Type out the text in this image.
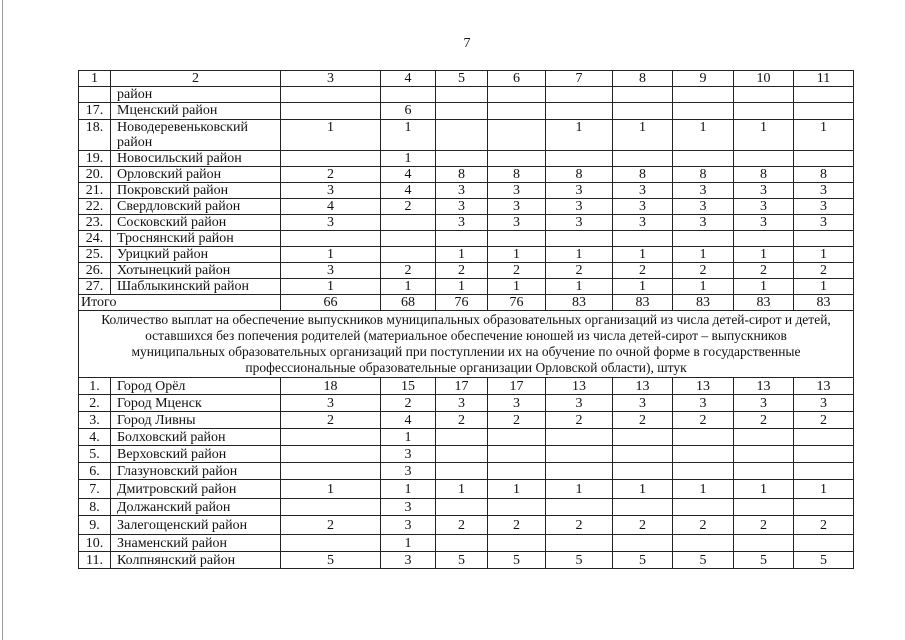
7
1	2	3	4	5	6	7	8	9	10	11
	район									
17.	Мценский район		6							
18.	Новодеревеньковский район	1	1			1	1	1	1	1
19.	Новосильский район		1							
20.	Орловский район	2	4	8	8	8	8	8	8	8
21.	Покровский район	3	4	3	3	3	3	3	3	3
22.	Свердловский район	4	2	3	3	3	3	3	3	3
23.	Сосковский район	3		3	3	3	3	3	3	3
24.	Троснянский район									
25.	Урицкий район	1		1	1	1	1	1	1	1
26.	Хотынецкий район	3	2	2	2	2	2	2	2	2
27.	Шаблыкинский район	1	1	1	1	1	1	1	1	1
Итого		66	68	76	76	83	83	83	83	83

Количество выплат на обеспечение выпускников муниципальных образовательных организаций из числа детей-сирот и детей,
оставшихся без попечения родителей (материальное обеспечение юношей из числа детей-сирот – выпускников
муниципальных образовательных организаций при поступлении их на обучение по очной форме в государственные
профессиональные образовательные организации Орловской области), штук										

1.	Город Орёл	18	15	17	17	13	13	13	13	13
2.	Город Мценск	3	2	3	3	3	3	3	3	3
3.	Город Ливны	2	4	2	2	2	2	2	2	2
4.	Болховский район		1							
5.	Верховский район		3							
6.	Глазуновский район		3							
7.	Дмитровский район	1	1	1	1	1	1	1	1	1
8.	Должанский район		3							
9.	Залегощенский район	2	3	2	2	2	2	2	2	2
10.	Знаменский район		1							
11.	Колпнянский район	5	3	5	5	5	5	5	5	5
